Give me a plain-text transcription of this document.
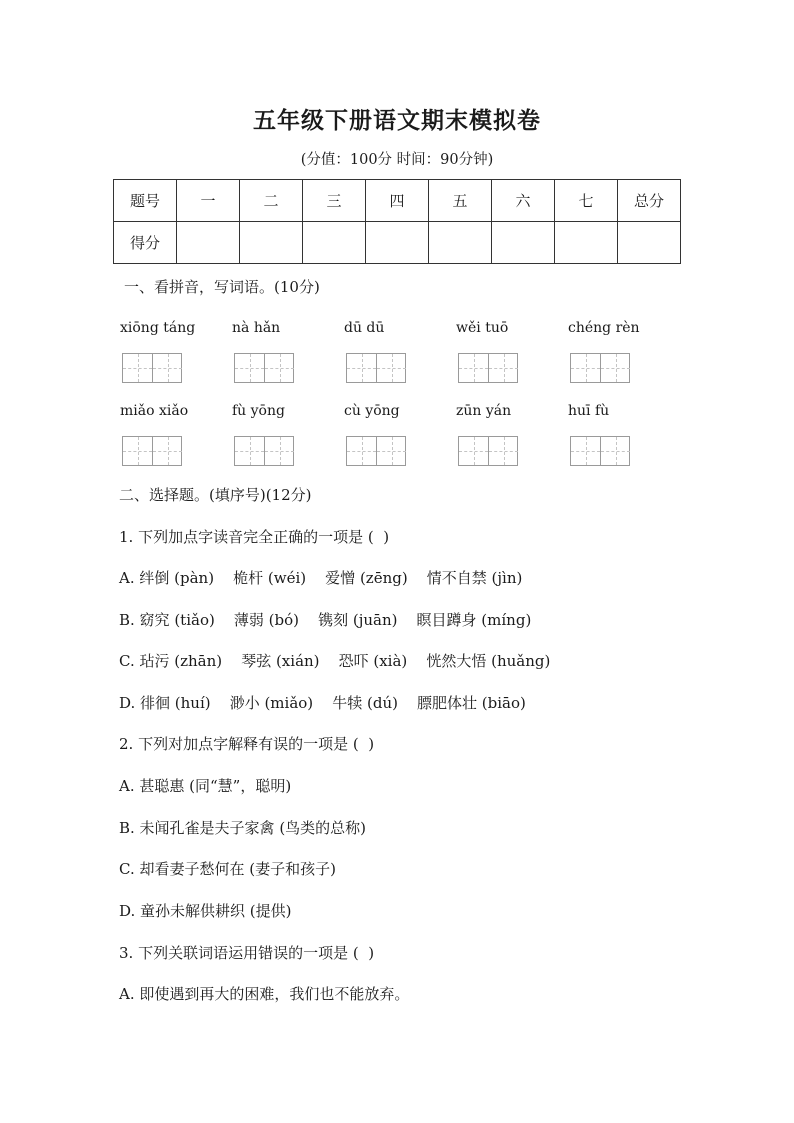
五年级下册语文期末模拟卷
(分值：100分 时间：90分钟)
题号	一	二	三	四	五	六	七	总分
得分								
一、看拼音，写词语。(10分)
xiōng táng	nà hǎn	dū dū	wěi tuō	chéng rèn
miǎo xiǎo	fù yōng	cù yōng	zūn yán	huī fù
二、选择题。(填序号)(12分)
1. 下列加点字读音完全正确的一项是 (  )
A. 绊倒 (pàn)    桅杆 (wéi)    爱憎 (zēng)    情不自禁 (jìn)
B. 窈究 (tiǎo)    薄弱 (bó)    镌刻 (juān)    瞑目蹲身 (míng)
C. 玷污 (zhān)    琴弦 (xián)    恐吓 (xià)    恍然大悟 (huǎng)
D. 徘徊 (huí)    渺小 (miǎo)    牛犊 (dú)    膘肥体壮 (biāo)
2. 下列对加点字解释有误的一项是 (  )
A. 甚聪惠 (同“慧”，聪明)
B. 未闻孔雀是夫子家禽 (鸟类的总称)
C. 却看妻子愁何在 (妻子和孩子)
D. 童孙未解供耕织 (提供)
3. 下列关联词语运用错误的一项是 (  )
A. 即使遇到再大的困难，我们也不能放弃。
